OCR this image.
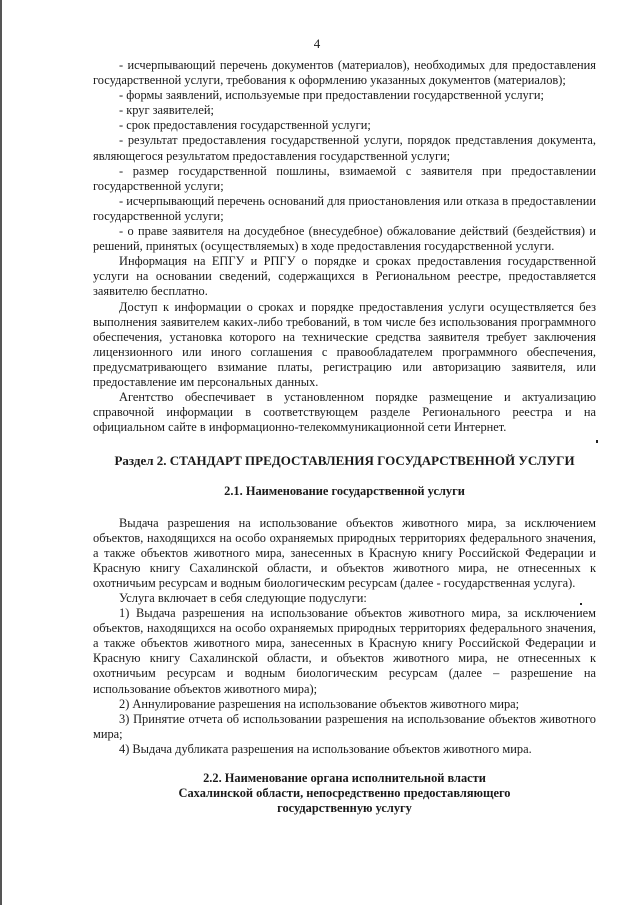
4

- исчерпывающий перечень документов (материалов), необходимых для предоставления государственной услуги, требования к оформлению указанных документов (материалов);

- формы заявлений, используемые при предоставлении государственной услуги;

- круг заявителей;

- срок предоставления государственной услуги;

- результат предоставления государственной услуги, порядок представления документа, являющегося результатом предоставления государственной услуги;

- размер государственной пошлины, взимаемой с заявителя при предоставлении государственной услуги;

- исчерпывающий перечень оснований для приостановления или отказа в предоставлении государственной услуги;

- о праве заявителя на досудебное (внесудебное) обжалование действий (бездействия) и решений, принятых (осуществляемых) в ходе предоставления государственной услуги.

Информация на ЕПГУ и РПГУ о порядке и сроках предоставления государственной услуги на основании сведений, содержащихся в Региональном реестре, предоставляется заявителю бесплатно.

Доступ к информации о сроках и порядке предоставления услуги осуществляется без выполнения заявителем каких-либо требований, в том числе без использования программного обеспечения, установка которого на технические средства заявителя требует заключения лицензионного или иного соглашения с правообладателем программного обеспечения, предусматривающего взимание платы, регистрацию или авторизацию заявителя, или предоставление им персональных данных.

Агентство обеспечивает в установленном порядке размещение и актуализацию справочной информации в соответствующем разделе Регионального реестра и на официальном сайте в информационно-телекоммуникационной сети Интернет.

Раздел 2. СТАНДАРТ ПРЕДОСТАВЛЕНИЯ ГОСУДАРСТВЕННОЙ УСЛУГИ

2.1. Наименование государственной услуги

Выдача разрешения на использование объектов животного мира, за исключением объектов, находящихся на особо охраняемых природных территориях федерального значения, а также объектов животного мира, занесенных в Красную книгу Российской Федерации и Красную книгу Сахалинской области, и объектов животного мира, не отнесенных к охотничьим ресурсам и водным биологическим ресурсам (далее - государственная услуга).

Услуга включает в себя следующие подуслуги:

1) Выдача разрешения на использование объектов животного мира, за исключением объектов, находящихся на особо охраняемых природных территориях федерального значения, а также объектов животного мира, занесенных в Красную книгу Российской Федерации и Красную книгу Сахалинской области, и объектов животного мира, не отнесенных к охотничьим ресурсам и водным биологическим ресурсам (далее – разрешение на использование объектов животного мира);

2) Аннулирование разрешения на использование объектов животного мира;

3) Принятие отчета об использовании разрешения на использование объектов животного мира;

4) Выдача дубликата разрешения на использование объектов животного мира.

2.2. Наименование органа исполнительной власти

Сахалинской области, непосредственно предоставляющего

государственную услугу
